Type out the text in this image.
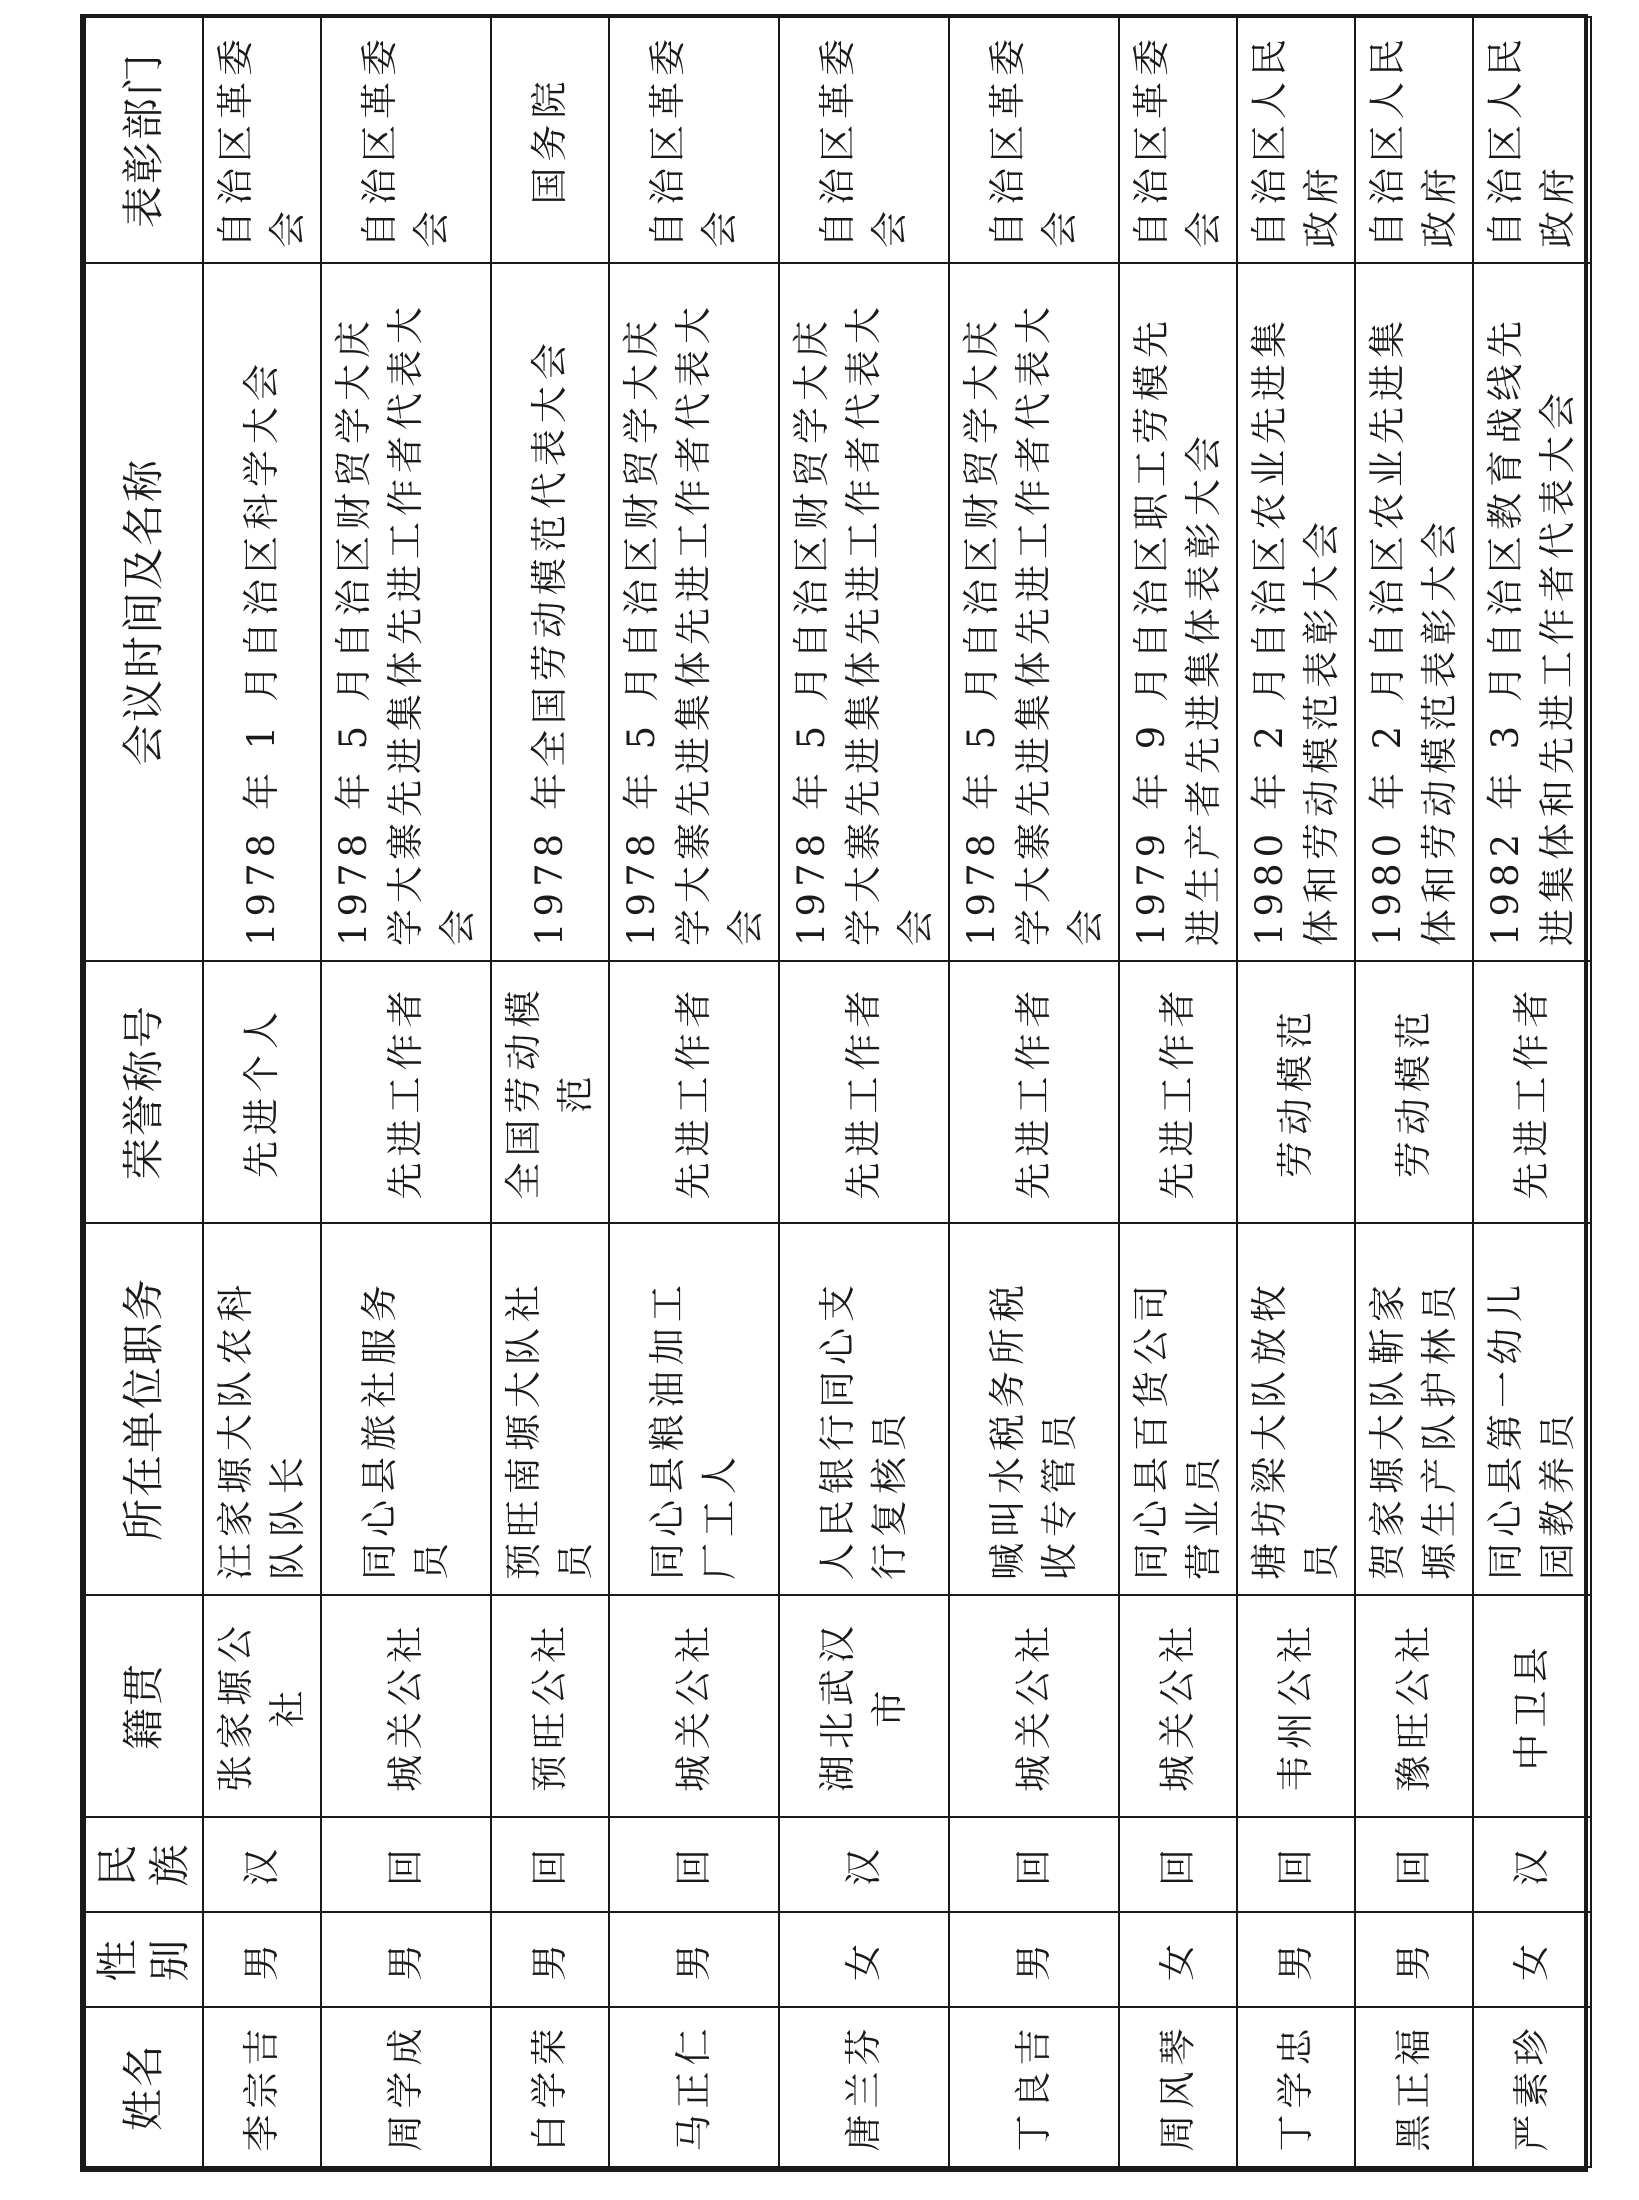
姓名	性别	民族	籍贯	所在单位职务	荣誉称号	会议时间及名称	表彰部门
李宗吉	男	汉	张家塬公社	汪家塬大队农科队队长	先进个人	1978 年 1 月自治区科学大会	自治区革委会
周学成	男	回	城关公社	同心县旅社服务员	先进工作者	1978 年 5 月自治区财贸学大庆学大寨先进集体先进工作者代表大会	自治区革委会
白学荣	男	回	预旺公社	预旺南塬大队社员	全国劳动模范	1978 年全国劳动模范代表大会	国务院
马正仁	男	回	城关公社	同心县粮油加工厂工人	先进工作者	1978 年 5 月自治区财贸学大庆学大寨先进集体先进工作者代表大会	自治区革委会
唐兰芬	女	汉	湖北武汉市	人民银行同心支行复核员	先进工作者	1978 年 5 月自治区财贸学大庆学大寨先进集体先进工作者代表大会	自治区革委会
丁良吉	男	回	城关公社	喊叫水税务所税收专管员	先进工作者	1978 年 5 月自治区财贸学大庆学大寨先进集体先进工作者代表大会	自治区革委会
周风琴	女	回	城关公社	同心县百货公司营业员	先进工作者	1979 年 9 月自治区职工劳模先进生产者先进集体表彰大会	自治区革委会
丁学忠	男	回	韦州公社	塘坊梁大队放牧员	劳动模范	1980 年 2 月自治区农业先进集体和劳动模范表彰大会	自治区人民政府
黑正福	男	回	豫旺公社	贺家塬大队靳家塬生产队护林员	劳动模范	1980 年 2 月自治区农业先进集体和劳动模范表彰大会	自治区人民政府
严素珍	女	汉	中卫县	同心县第一幼儿园教养员	先进工作者	1982 年 3 月自治区教育战线先进集体和先进工作者代表大会	自治区人民政府
